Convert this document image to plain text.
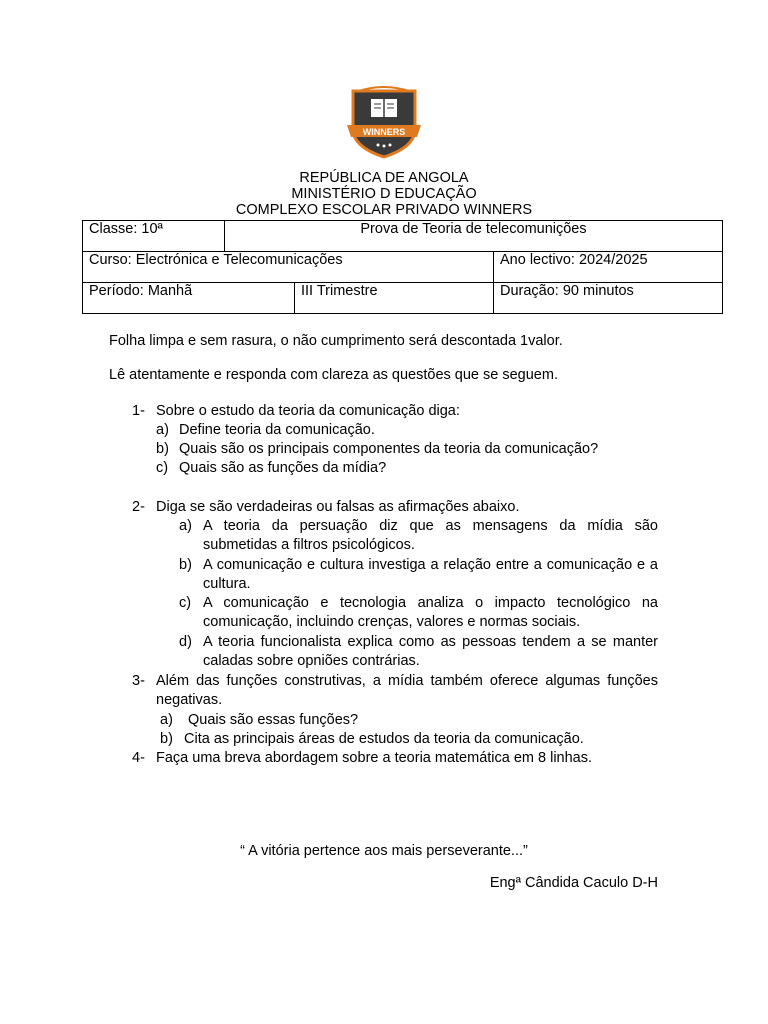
WINNERS
REPÚBLICA DE ANGOLA
MINISTÉRIO D EDUCAÇÃO
COMPLEXO ESCOLAR PRIVADO WINNERS
Classe: 10ª	Prova de Teoria de telecomunições		
Curso: Electrónica e Telecomunicações			Ano lectivo: 2024/2025
Período: Manhã		III Trimestre	Duração: 90 minutos
Folha limpa e sem rasura, o não cumprimento será descontada 1valor.
Lê atentamente e responda com clareza as questões que se seguem.
1- Sobre o estudo da teoria da comunicação diga:
a) Define teoria da comunicação.
b) Quais são os principais componentes da teoria da comunicação?
c) Quais são as funções da mídia?
2- Diga se são verdadeiras ou falsas as afirmações abaixo.
a) A teoria da persuação diz que as mensagens da mídia são submetidas a filtros psicológicos.
b) A comunicação e cultura investiga a relação entre a comunicação e a cultura.
c) A comunicação e tecnologia analiza o impacto tecnológico na comunicação, incluindo crenças, valores e normas sociais.
d) A teoria funcionalista explica como as pessoas tendem a se manter caladas sobre opniões contrárias.
3- Além das funções construtivas, a mídia também oferece algumas funções negativas.
a) Quais são essas funções?
b) Cita as principais áreas de estudos da teoria da comunicação.
4- Faça uma breva abordagem sobre a teoria matemática em 8 linhas.
“ A vitória pertence aos mais perseverante...”
Engª Cândida Caculo D-H
